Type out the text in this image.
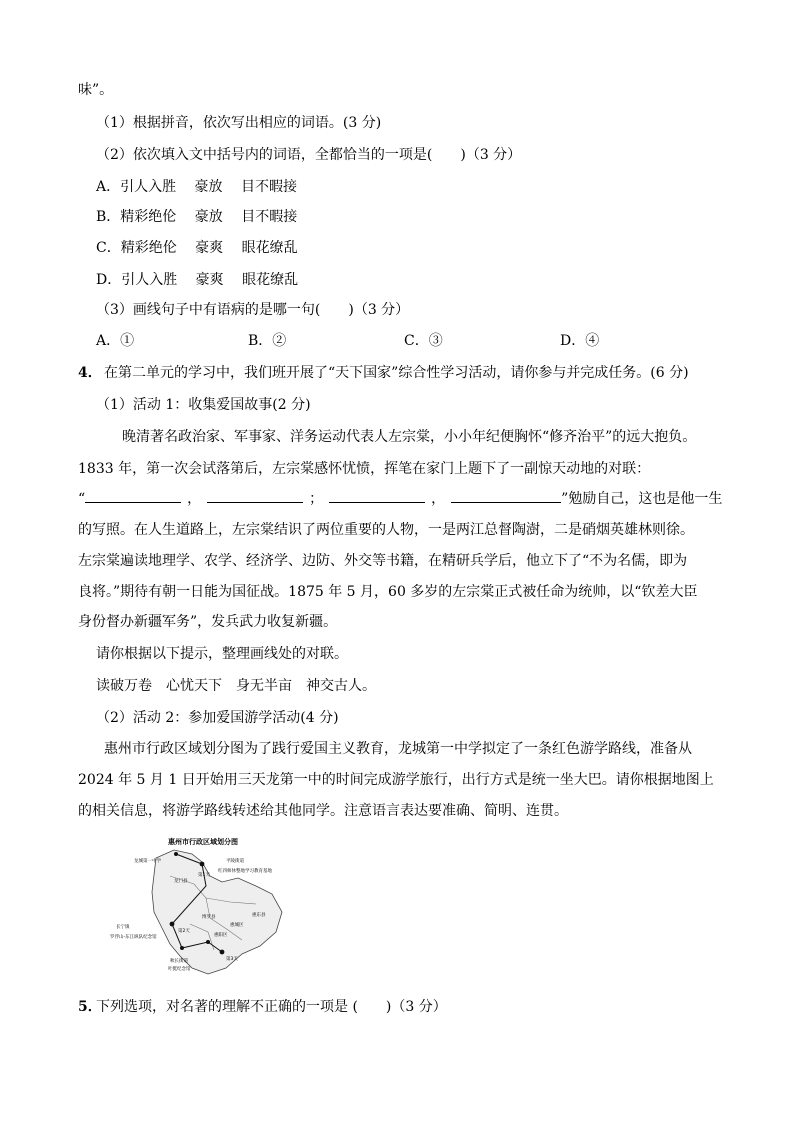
味”。
（1）根据拼音，依次写出相应的词语。(3 分)
（2）依次填入文中括号内的词语，全都恰当的一项是(　　)（3 分）
A．引人入胜　 豪放　 目不暇接
B．精彩绝伦　 豪放　 目不暇接
C．精彩绝伦　 豪爽　 眼花缭乱
D．引人入胜　 豪爽　 眼花缭乱
（3）画线句子中有语病的是哪一句(　　)（3 分）
A．①	B．②	C．③	D．④
4． 在第二单元的学习中，我们班开展了“天下国家”综合性学习活动，请你参与并完成任务。(6 分)
（1）活动 1：收集爱国故事(2 分)
晚清著名政治家、军事家、洋务运动代表人左宗棠，小小年纪便胸怀“修齐治平”的远大抱负。
1833 年，第一次会试落第后，左宗棠感怀忧愤，挥笔在家门上题下了一副惊天动地的对联：
“	，	；	，	”勉励自己，这也是他一生
的写照。在人生道路上，左宗棠结识了两位重要的人物，一是两江总督陶澍，二是硝烟英雄林则徐。
左宗棠遍读地理学、农学、经济学、边防、外交等书籍，在精研兵学后，他立下了“不为名儒，即为
良将。”期待有朝一日能为国征战。1875 年 5 月，60 多岁的左宗棠正式被任命为统帅，以“钦差大臣
身份督办新疆军务”，发兵武力收复新疆。
请你根据以下提示，整理画线处的对联。
读破万卷　心忧天下　身无半亩　神交古人。
（2）活动 2：参加爱国游学活动(4 分)
惠州市行政区域划分图为了践行爱国主义教育，龙城第一中学拟定了一条红色游学路线，准备从
2024 年 5 月 1 日开始用三天龙第一中的时间完成游学旅行，出行方式是统一坐大巴。请你根据地图上
的相关信息，将游学路线转述给其他同学。注意语言表达要准确、简明、连贯。
惠州市行政区域划分图
龙城第一中学
第1天
平陵街道
红四师休整地学习教育基地
龙门县
长宁镇
罗浮山-东江纵队纪念馆
第2天
博罗县
惠城区
惠阳区
惠东县
第3天
秋长街道
叶挺纪念馆
5．
下列选项，对名著的理解不正确的一项是 (　　)（3 分）
